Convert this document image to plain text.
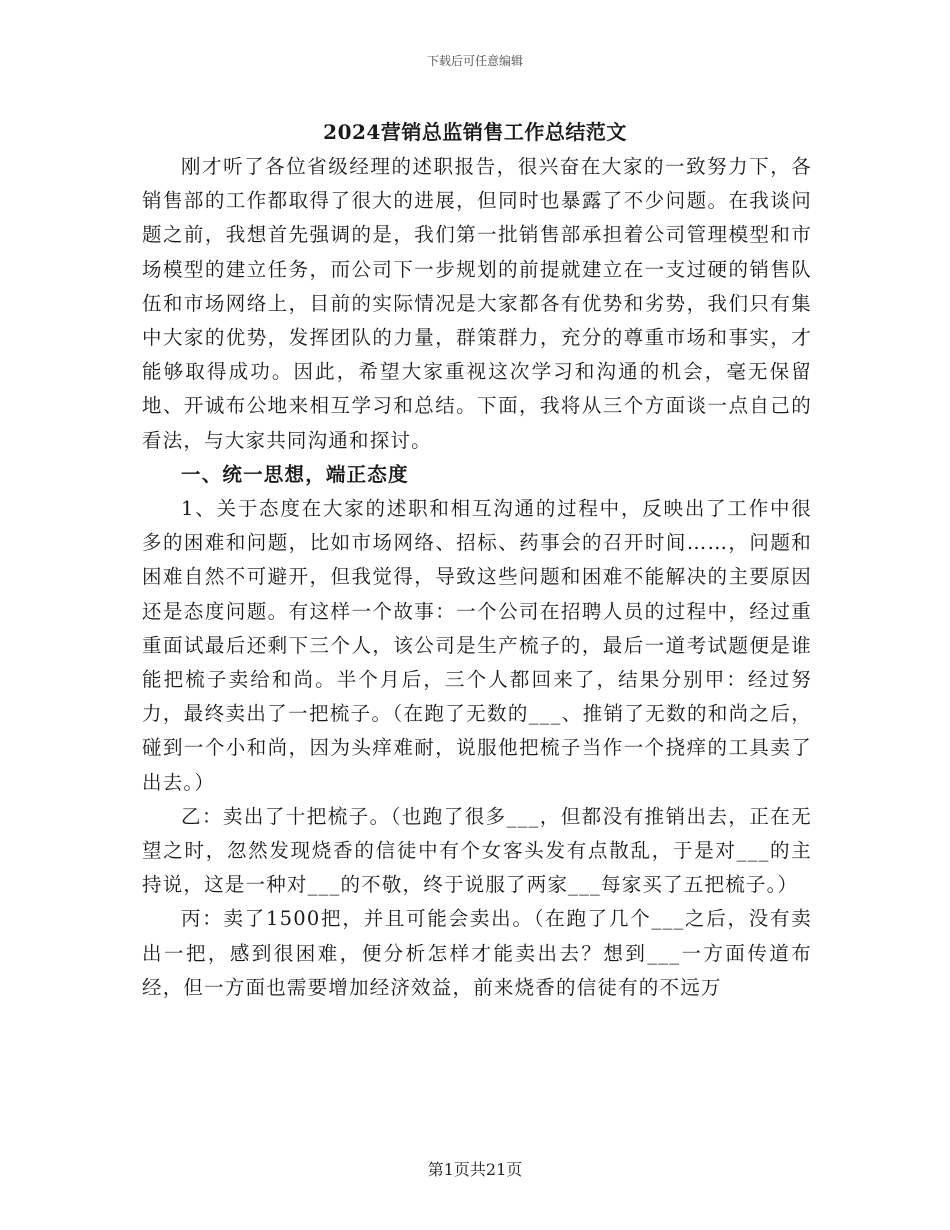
下载后可任意编辑
2024营销总监销售工作总结范文

刚才听了各位省级经理的述职报告，很兴奋在大家的一致努力下，各销售部的工作都取得了很大的进展，但同时也暴露了不少问题。在我谈问题之前，我想首先强调的是，我们第一批销售部承担着公司管理模型和市场模型的建立任务，而公司下一步规划的前提就建立在一支过硬的销售队伍和市场网络上，目前的实际情况是大家都各有优势和劣势，我们只有集中大家的优势，发挥团队的力量，群策群力，充分的尊重市场和事实，才能够取得成功。因此，希望大家重视这次学习和沟通的机会，毫无保留地、开诚布公地来相互学习和总结。下面，我将从三个方面谈一点自己的看法，与大家共同沟通和探讨。

一、统一思想，端正态度

1、关于态度在大家的述职和相互沟通的过程中，反映出了工作中很多的困难和问题，比如市场网络、招标、药事会的召开时间……，问题和困难自然不可避开，但我觉得，导致这些问题和困难不能解决的主要原因还是态度问题。有这样一个故事：一个公司在招聘人员的过程中，经过重重面试最后还剩下三个人，该公司是生产梳子的，最后一道考试题便是谁能把梳子卖给和尚。半个月后，三个人都回来了，结果分别甲：经过努力，最终卖出了一把梳子。（在跑了无数的___、推销了无数的和尚之后，碰到一个小和尚，因为头痒难耐，说服他把梳子当作一个挠痒的工具卖了出去。）

乙：卖出了十把梳子。（也跑了很多___，但都没有推销出去，正在无望之时，忽然发现烧香的信徒中有个女客头发有点散乱，于是对___的主持说，这是一种对___的不敬，终于说服了两家___每家买了五把梳子。）

丙：卖了1500把，并且可能会卖出。（在跑了几个___之后，没有卖出一把，感到很困难，便分析怎样才能卖出去？想到___一方面传道布经，但一方面也需要增加经济效益，前来烧香的信徒有的不远万

第1页共21页
